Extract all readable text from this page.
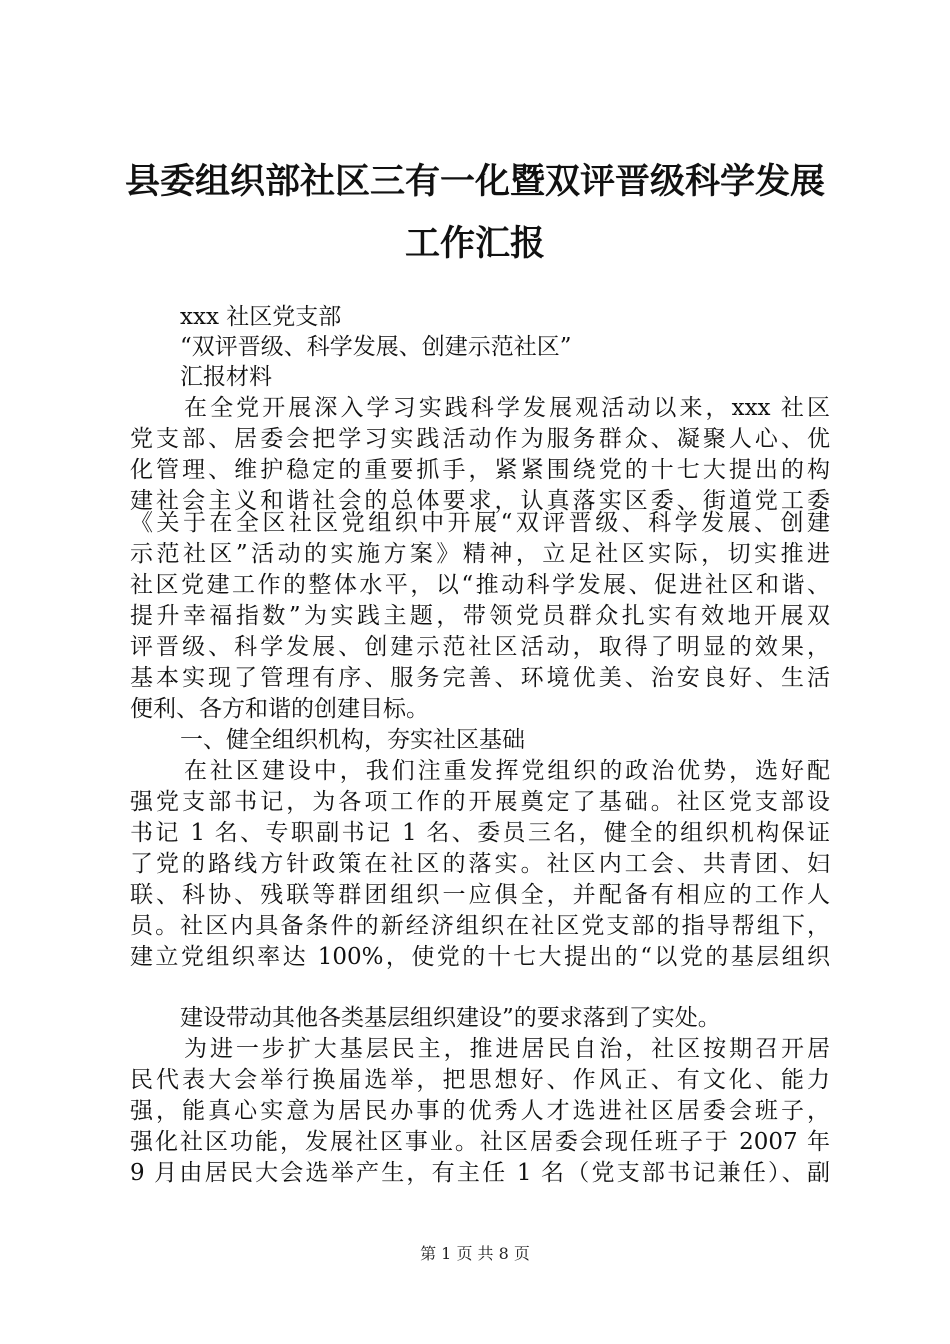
县委组织部社区三有一化暨双评晋级科学发展
工作汇报
xxx 社区党支部
“双评晋级、科学发展、创建示范社区”
汇报材料
在全党开展深入学习实践科学发展观活动以来，xxx 社区
党支部、居委会把学习实践活动作为服务群众、凝聚人心、优
化管理、维护稳定的重要抓手，紧紧围绕党的十七大提出的构
建社会主义和谐社会的总体要求，认真落实区委、街道党工委
《关于在全区社区党组织中开展“双评晋级、科学发展、创建
示范社区”活动的实施方案》精神，立足社区实际，切实推进
社区党建工作的整体水平，以“推动科学发展、促进社区和谐、
提升幸福指数”为实践主题，带领党员群众扎实有效地开展双
评晋级、科学发展、创建示范社区活动，取得了明显的效果，
基本实现了管理有序、服务完善、环境优美、治安良好、生活
便利、各方和谐的创建目标。
一、健全组织机构，夯实社区基础
在社区建设中，我们注重发挥党组织的政治优势，选好配
强党支部书记，为各项工作的开展奠定了基础。社区党支部设
书记 1 名、专职副书记 1 名、委员三名，健全的组织机构保证
了党的路线方针政策在社区的落实。社区内工会、共青团、妇
联、科协、残联等群团组织一应俱全，并配备有相应的工作人
员。社区内具备条件的新经济组织在社区党支部的指导帮组下，
建立党组织率达 100%，使党的十七大提出的“以党的基层组织
建设带动其他各类基层组织建设”的要求落到了实处。
为进一步扩大基层民主，推进居民自治，社区按期召开居
民代表大会举行换届选举，把思想好、作风正、有文化、能力
强，能真心实意为居民办事的优秀人才选进社区居委会班子，
强化社区功能，发展社区事业。社区居委会现任班子于 2007 年
9 月由居民大会选举产生，有主任 1 名（党支部书记兼任）、副
第 1 页 共 8 页
